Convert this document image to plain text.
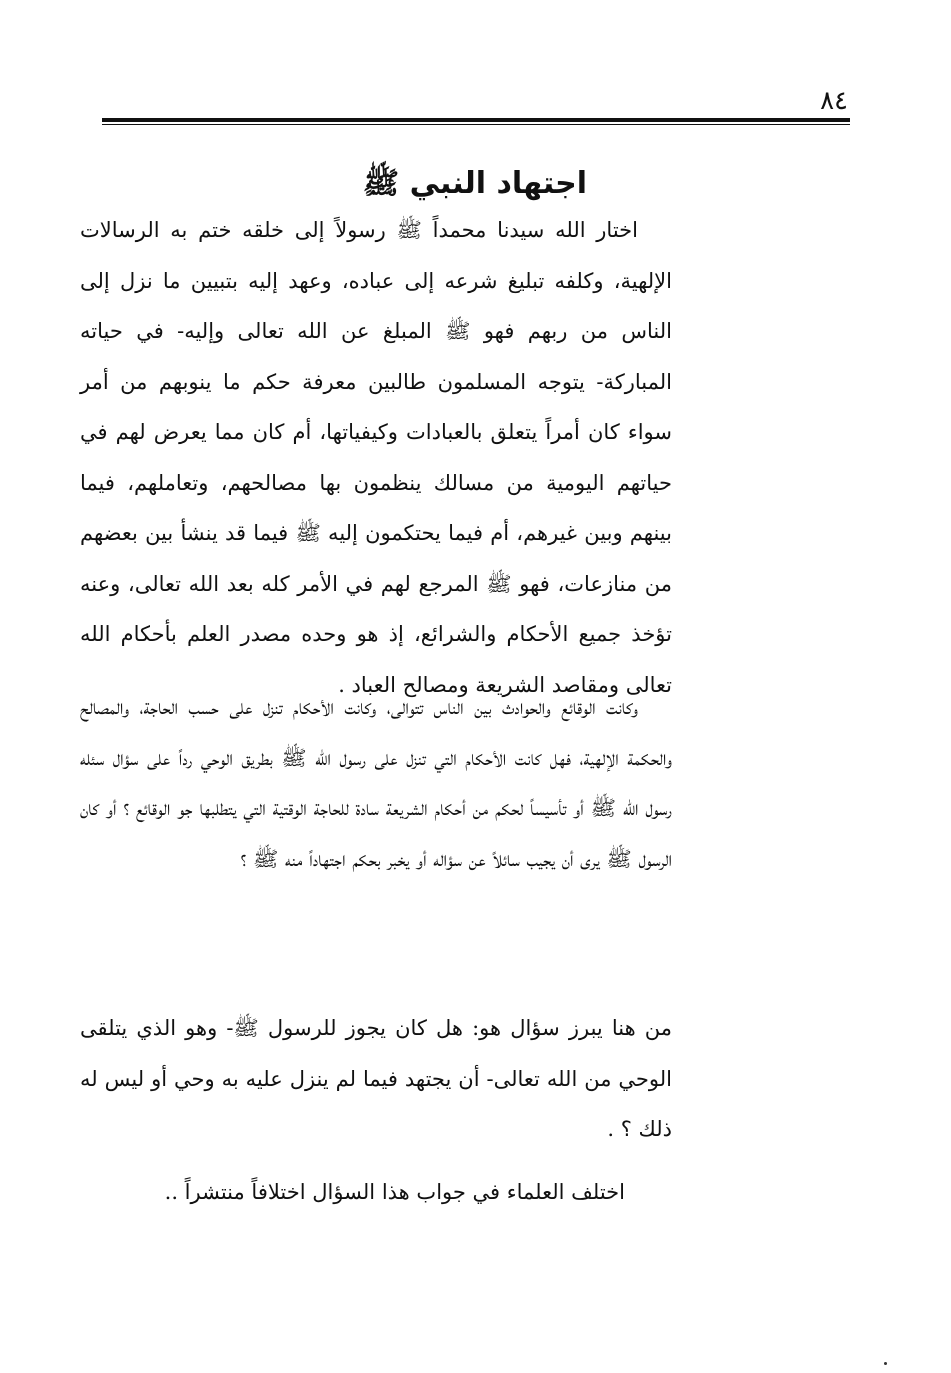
٨٤
اجتهاد النبي ﷺ

اختار الله سيدنا محمداً ﷺ رسولاً إلى خلقه ختم به الرسالات الإلهية، وكلفه تبليغ شرعه إلى عباده، وعهد إليه بتبيين ما نزل إلى الناس من ربهم فهو ﷺ المبلغ عن الله تعالى وإليه- في حياته المباركة- يتوجه المسلمون طالبين معرفة حكم ما ينوبهم من أمر سواء كان أمراً يتعلق بالعبادات وكيفياتها، أم كان مما يعرض لهم في حياتهم اليومية من مسالك ينظمون بها مصالحهم، وتعاملهم، فيما بينهم وبين غيرهم، أم فيما يحتكمون إليه ﷺ فيما قد ينشأ بين بعضهم من منازعات، فهو ﷺ المرجع لهم في الأمر كله بعد الله تعالى، وعنه تؤخذ جميع الأحكام والشرائع، إذ هو وحده مصدر العلم بأحكام الله تعالى ومقاصد الشريعة ومصالح العباد .

وكانت الوقائع والحوادث بين الناس تتوالى، وكانت الأحكام تنزل على حسب الحاجة، والمصالح والحكمة الإلهية، فهل كانت الأحكام التي تنزل على رسول الله ﷺ بطريق الوحي رداً على سؤال سئله رسول الله ﷺ أو تأسيساً لحكم من أحكام الشريعة سادة للحاجة الوقتية التي يتطلبها جو الوقائع ؟ أو كان الرسول ﷺ يرى أن يجيب سائلاً عن سؤاله أو يخبر بحكم اجتهاداً منه ﷺ ؟

من هنا يبرز سؤال هو: هل كان يجوز للرسول ﷺ- وهو الذي يتلقى الوحي من الله تعالى- أن يجتهد فيما لم ينزل عليه به وحي أو ليس له ذلك ؟ .

اختلف العلماء في جواب هذا السؤال اختلافاً منتشراً ..
